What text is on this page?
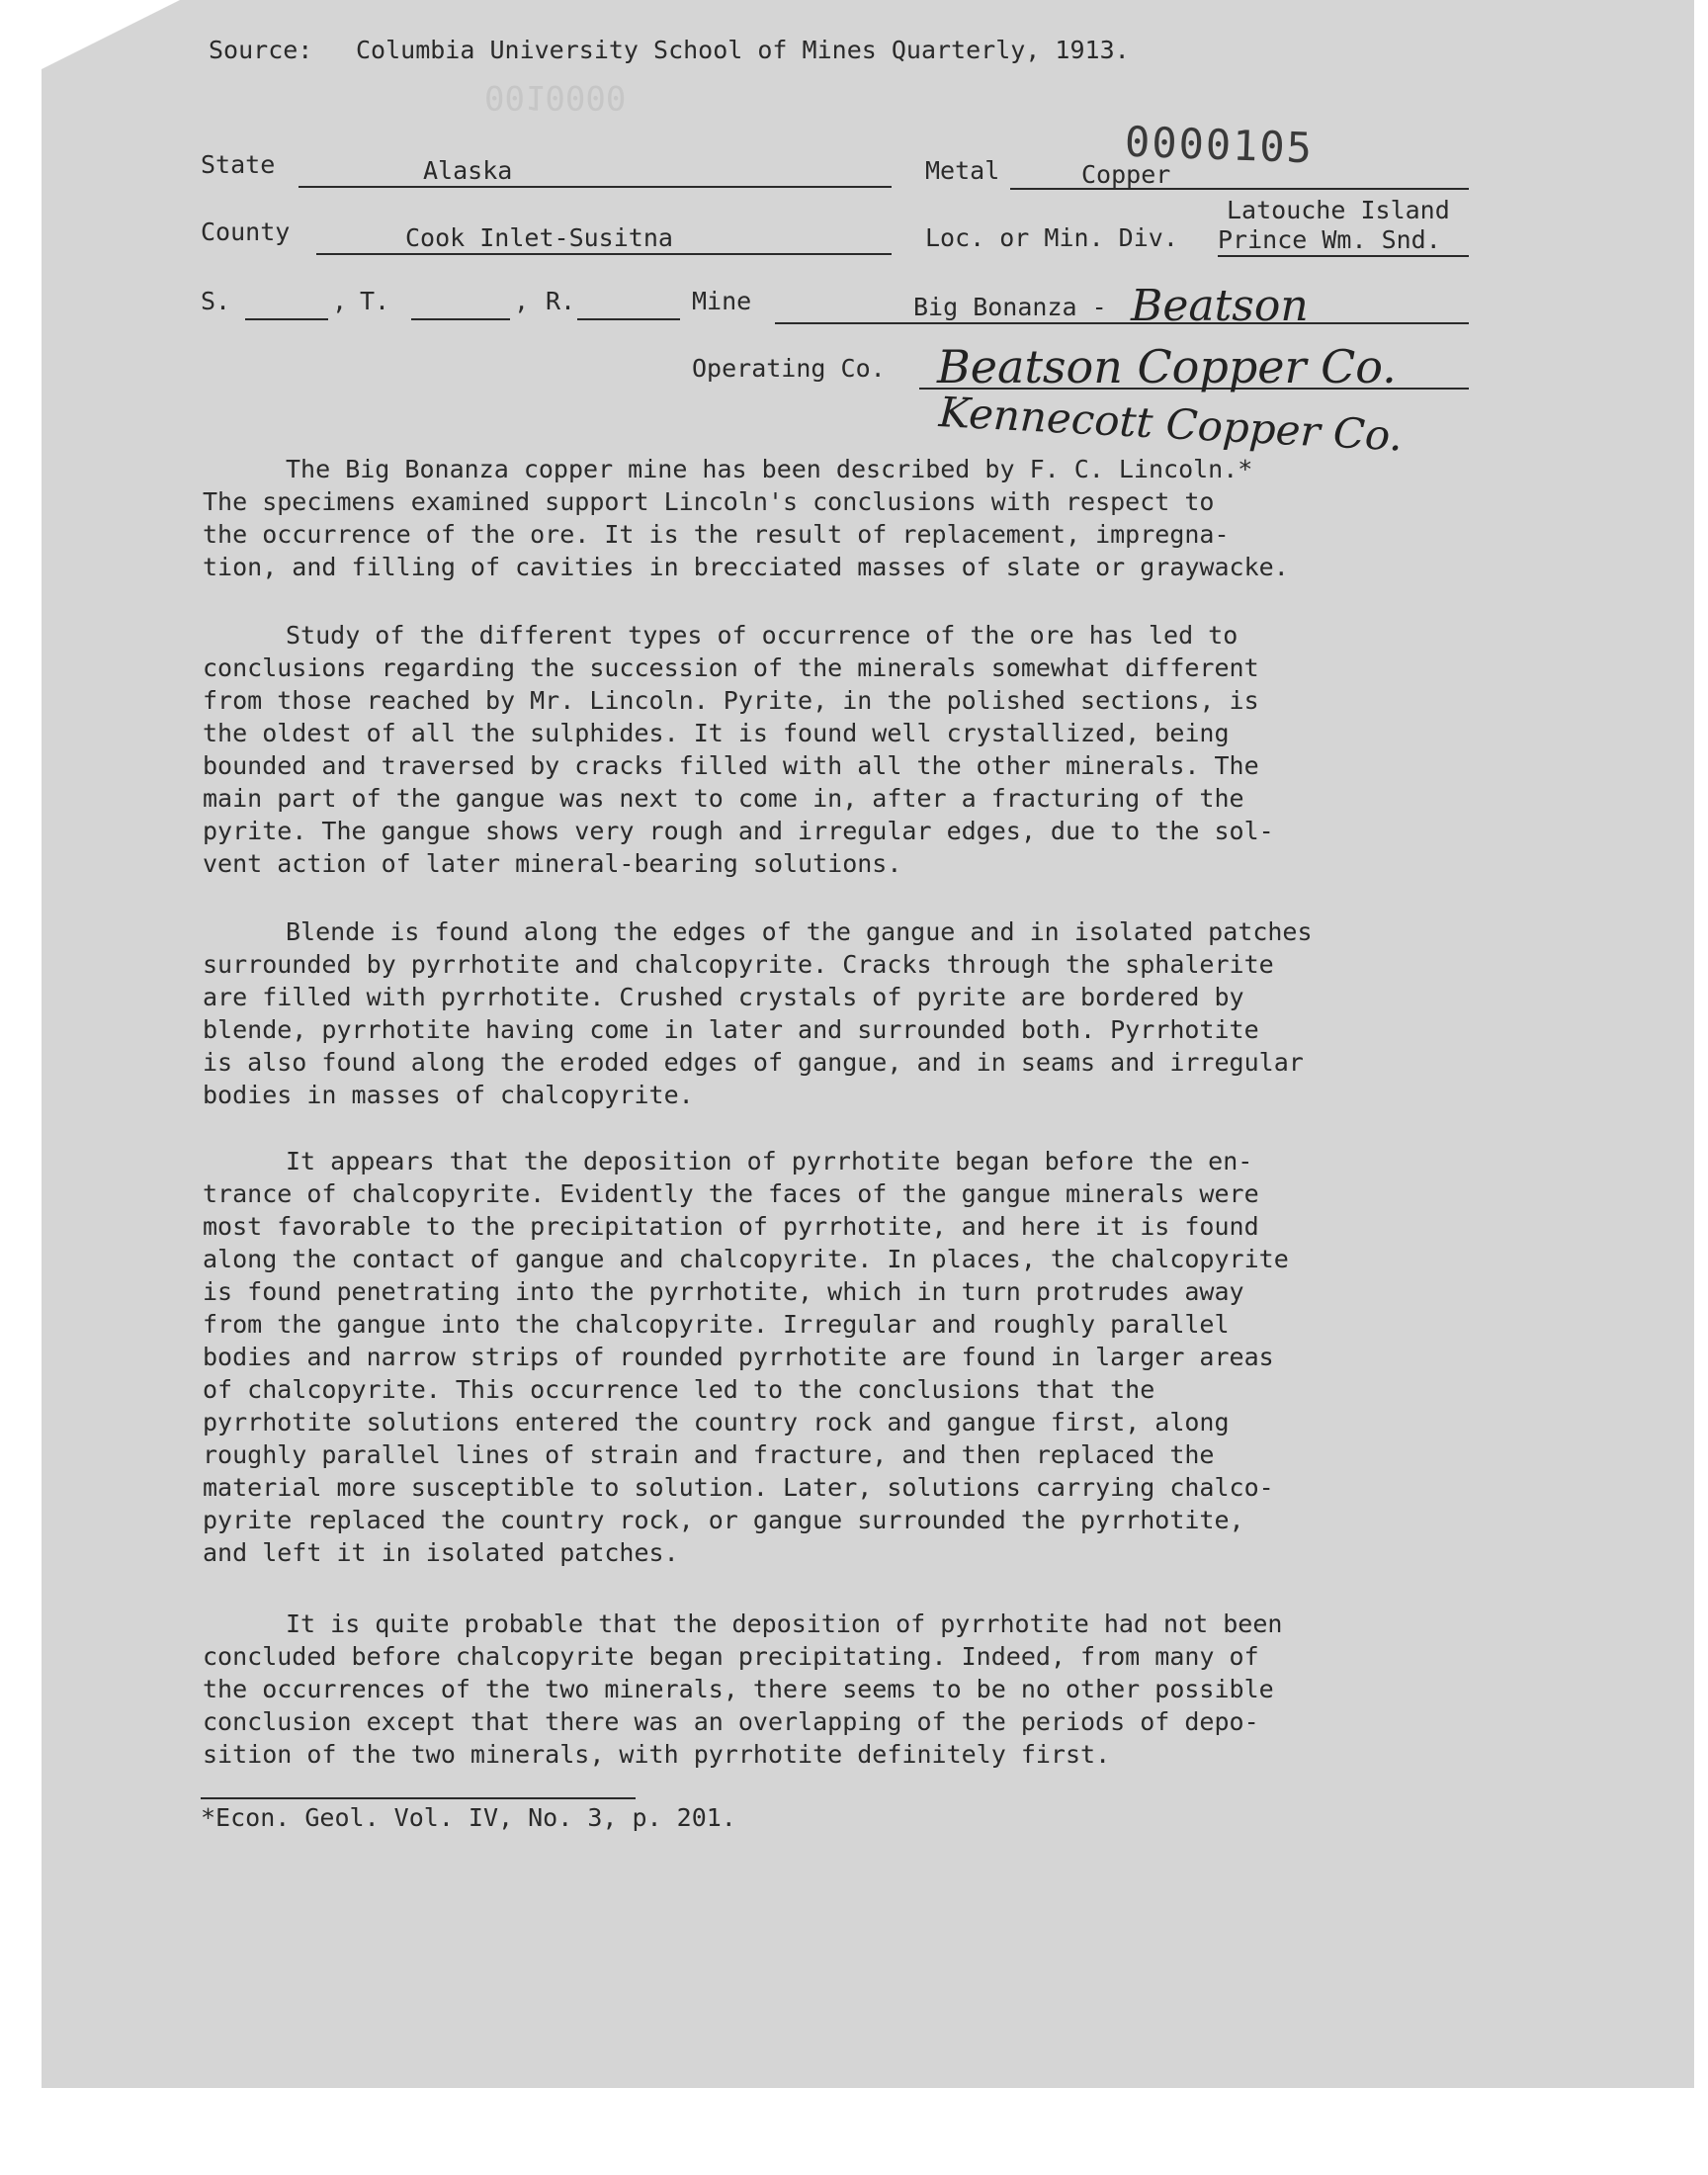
Source: Columbia University School of Mines Quarterly, 1913.
0010000
0000105
State	Alaska	Metal	Copper
Latouche Island
County	Cook Inlet-Susitna	Loc. or Min. Div. Prince Wm. Snd.
S.	, T.	, R.	Mine	Big Bonanza - Beatson
Operating Co. Beatson Copper Co.
Kennecott Copper Co.
The Big Bonanza copper mine has been described by F. C. Lincoln.*
The specimens examined support Lincoln's conclusions with respect to
the occurrence of the ore. It is the result of replacement, impregna-
tion, and filling of cavities in brecciated masses of slate or graywacke.
Study of the different types of occurrence of the ore has led to
conclusions regarding the succession of the minerals somewhat different
from those reached by Mr. Lincoln. Pyrite, in the polished sections, is
the oldest of all the sulphides. It is found well crystallized, being
bounded and traversed by cracks filled with all the other minerals. The
main part of the gangue was next to come in, after a fracturing of the
pyrite. The gangue shows very rough and irregular edges, due to the sol-
vent action of later mineral-bearing solutions.
Blende is found along the edges of the gangue and in isolated patches
surrounded by pyrrhotite and chalcopyrite. Cracks through the sphalerite
are filled with pyrrhotite. Crushed crystals of pyrite are bordered by
blende, pyrrhotite having come in later and surrounded both. Pyrrhotite
is also found along the eroded edges of gangue, and in seams and irregular
bodies in masses of chalcopyrite.
It appears that the deposition of pyrrhotite began before the en-
trance of chalcopyrite. Evidently the faces of the gangue minerals were
most favorable to the precipitation of pyrrhotite, and here it is found
along the contact of gangue and chalcopyrite. In places, the chalcopyrite
is found penetrating into the pyrrhotite, which in turn protrudes away
from the gangue into the chalcopyrite. Irregular and roughly parallel
bodies and narrow strips of rounded pyrrhotite are found in larger areas
of chalcopyrite. This occurrence led to the conclusions that the
pyrrhotite solutions entered the country rock and gangue first, along
roughly parallel lines of strain and fracture, and then replaced the
material more susceptible to solution. Later, solutions carrying chalco-
pyrite replaced the country rock, or gangue surrounded the pyrrhotite,
and left it in isolated patches.
It is quite probable that the deposition of pyrrhotite had not been
concluded before chalcopyrite began precipitating. Indeed, from many of
the occurrences of the two minerals, there seems to be no other possible
conclusion except that there was an overlapping of the periods of depo-
sition of the two minerals, with pyrrhotite definitely first.
*Econ. Geol. Vol. IV, No. 3, p. 201.
